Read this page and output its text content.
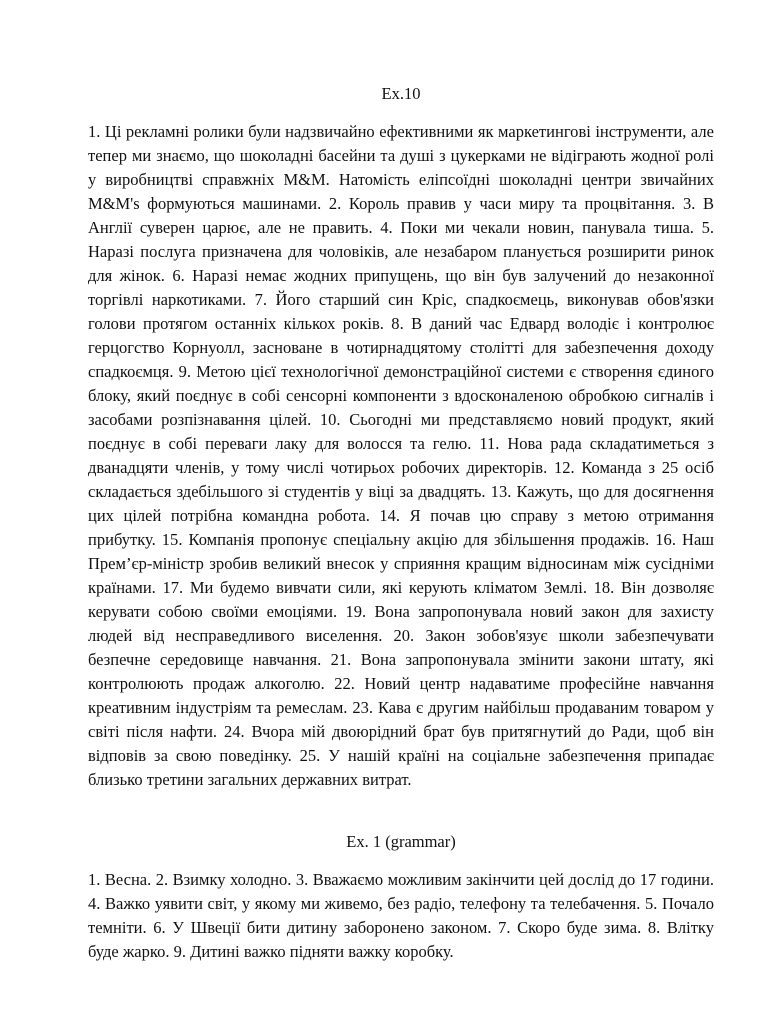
Ex.10

1. Ці рекламні ролики були надзвичайно ефективними як маркетингові інструменти, але тепер ми знаємо, що шоколадні басейни та душі з цукерками не відіграють жодної ролі у виробництві справжніх M&M. Натомість еліпсоїдні шоколадні центри звичайних M&M's формуються машинами. 2. Король правив у часи миру та процвітання. 3. В Англії суверен царює, але не править. 4. Поки ми чекали новин, панувала тиша. 5. Наразі послуга призначена для чоловіків, але незабаром планується розширити ринок для жінок. 6. Наразі немає жодних припущень, що він був залучений до незаконної торгівлі наркотиками. 7. Його старший син Кріс, спадкоємець, виконував обов'язки голови протягом останніх кількох років. 8. В даний час Едвард володіє і контролює герцогство Корнуолл, засноване в чотирнадцятому столітті для забезпечення доходу спадкоємця. 9. Метою цієї технологічної демонстраційної системи є створення єдиного блоку, який поєднує в собі сенсорні компоненти з вдосконаленою обробкою сигналів і засобами розпізнавання цілей. 10. Сьогодні ми представляємо новий продукт, який поєднує в собі переваги лаку для волосся та гелю. 11. Нова рада складатиметься з дванадцяти членів, у тому числі чотирьох робочих директорів. 12. Команда з 25 осіб складається здебільшого зі студентів у віці за двадцять. 13. Кажуть, що для досягнення цих цілей потрібна командна робота. 14. Я почав цю справу з метою отримання прибутку. 15. Компанія пропонує спеціальну акцію для збільшення продажів. 16. Наш Прем’єр-міністр зробив великий внесок у сприяння кращим відносинам між сусідніми країнами. 17. Ми будемо вивчати сили, які керують кліматом Землі. 18. Він дозволяє керувати собою своїми емоціями. 19. Вона запропонувала новий закон для захисту людей від несправедливого виселення. 20. Закон зобов'язує школи забезпечувати безпечне середовище навчання. 21. Вона запропонувала змінити закони штату, які контролюють продаж алкоголю. 22. Новий центр надаватиме професійне навчання креативним індустріям та ремеслам. 23. Кава є другим найбільш продаваним товаром у світі після нафти. 24. Вчора мій двоюрідний брат був притягнутий до Ради, щоб він відповів за свою поведінку. 25. У нашій країні на соціальне забезпечення припадає близько третини загальних державних витрат.

Ex. 1 (grammar)

1. Весна. 2. Взимку холодно. 3. Вважаємо можливим закінчити цей дослід до 17 години. 4. Важко уявити світ, у якому ми живемо, без радіо, телефону та телебачення. 5. Почало темніти. 6. У Швеції бити дитину заборонено законом. 7. Скоро буде зима. 8. Влітку буде жарко. 9. Дитині важко підняти важку коробку.
